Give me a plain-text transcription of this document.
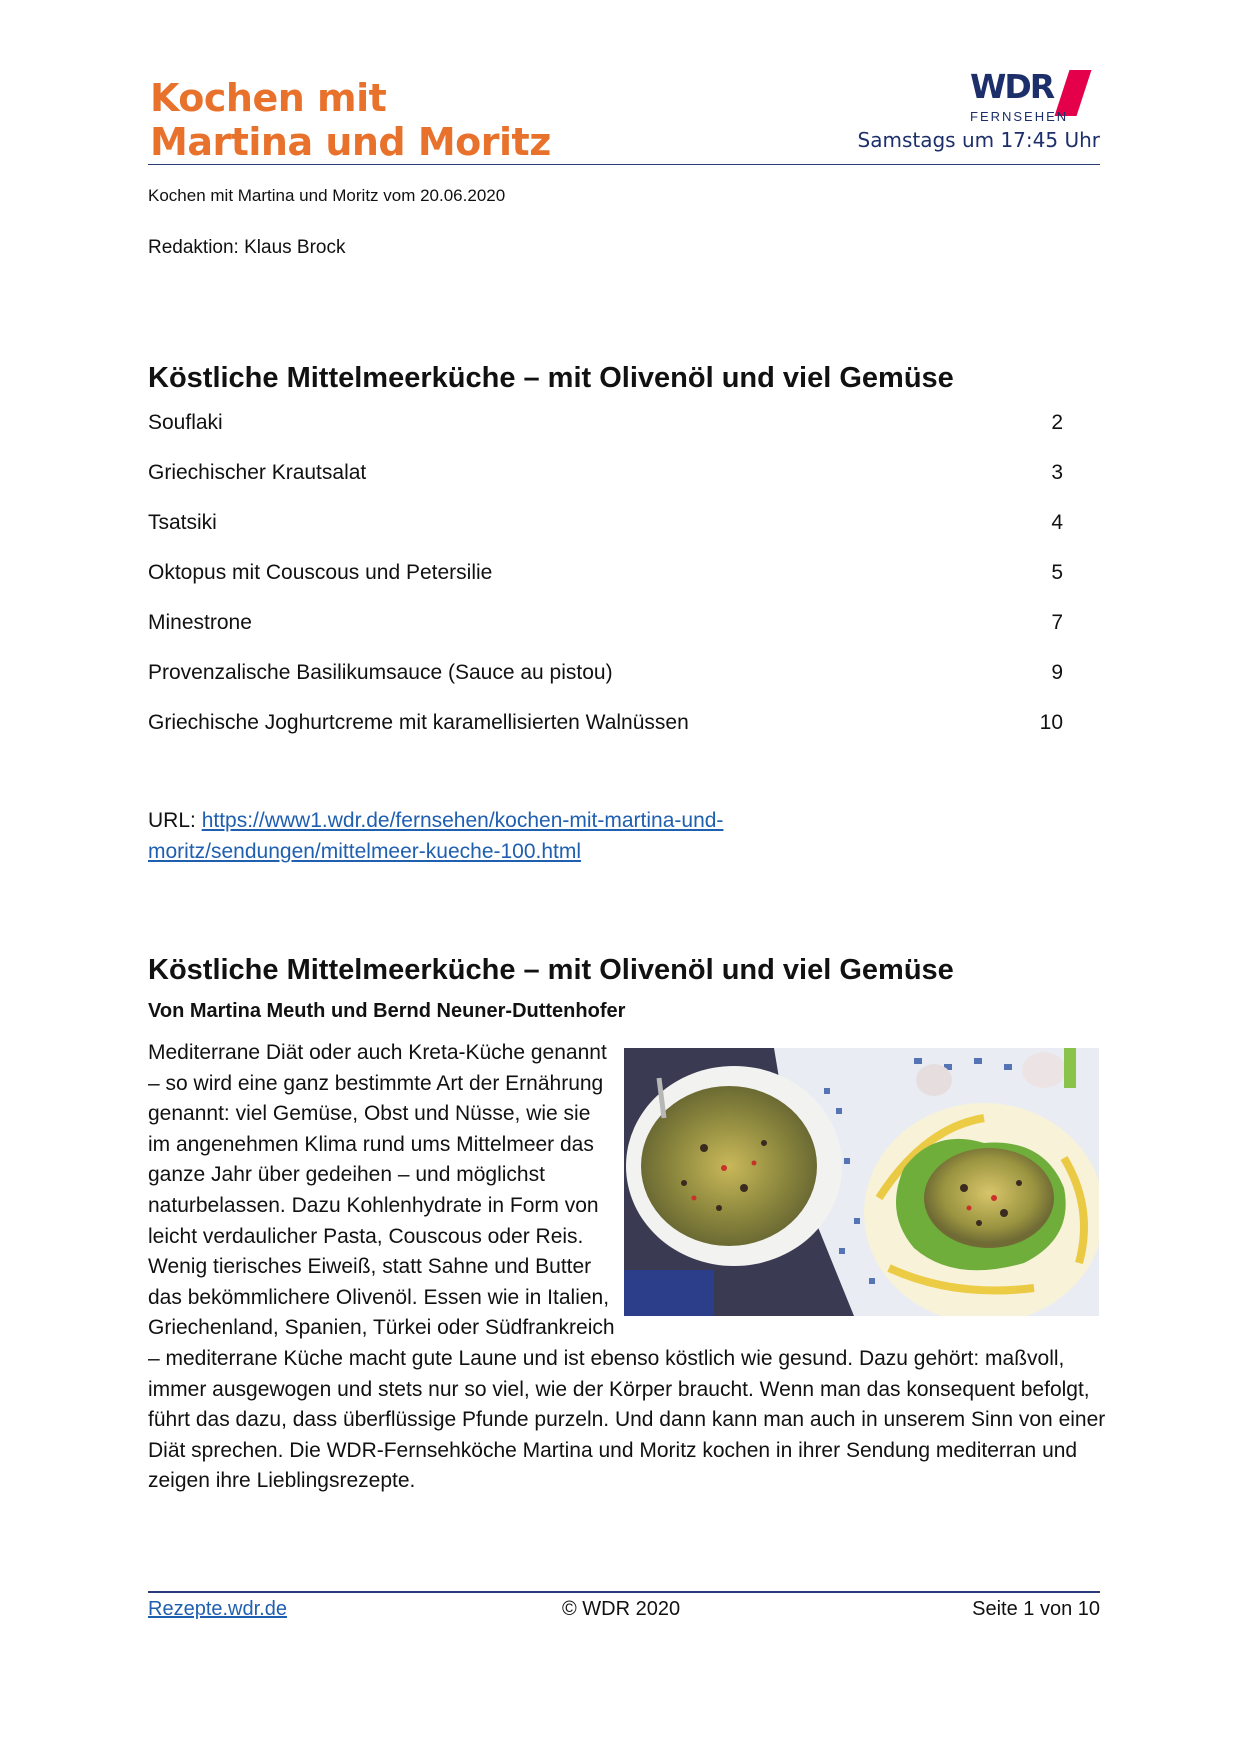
Kochen mit
Martina und Moritz
WDR
FERNSEHEN
Samstags um 17:45 Uhr
Kochen mit Martina und Moritz vom 20.06.2020
Redaktion: Klaus Brock
Köstliche Mittelmeerküche – mit Olivenöl und viel Gemüse
Souflaki	2
Griechischer Krautsalat	3
Tsatsiki	4
Oktopus mit Couscous und Petersilie	5
Minestrone	7
Provenzalische Basilikumsauce (Sauce au pistou)	9
Griechische Joghurtcreme mit karamellisierten Walnüssen	10
URL: https://www1.wdr.de/fernsehen/kochen-mit-martina-und-
moritz/sendungen/mittelmeer-kueche-100.html
Köstliche Mittelmeerküche – mit Olivenöl und viel Gemüse
Von Martina Meuth und Bernd Neuner-Duttenhofer

Mediterrane Diät oder auch Kreta-Küche genannt – so wird eine ganz bestimmte Art der Ernährung genannt: viel Gemüse, Obst und Nüsse, wie sie im angenehmen Klima rund ums Mittelmeer das ganze Jahr über gedeihen – und möglichst naturbelassen. Dazu Kohlenhydrate in Form von leicht verdaulicher Pasta, Couscous oder Reis. Wenig tierisches Eiweiß, statt Sahne und Butter das bekömmlichere Olivenöl. Essen wie in Italien, Griechenland, Spanien, Türkei oder Südfrankreich – mediterrane Küche macht gute Laune und ist ebenso köstlich wie gesund. Dazu gehört: maßvoll, immer ausgewogen und stets nur so viel, wie der Körper braucht. Wenn man das konsequent befolgt, führt das dazu, dass überflüssige Pfunde purzeln. Und dann kann man auch in unserem Sinn von einer Diät sprechen. Die WDR-Fernsehköche Martina und Moritz kochen in ihrer Sendung mediterran und zeigen ihre Lieblingsrezepte.

Rezepte.wdr.de	© WDR 2020	Seite 1 von 10
